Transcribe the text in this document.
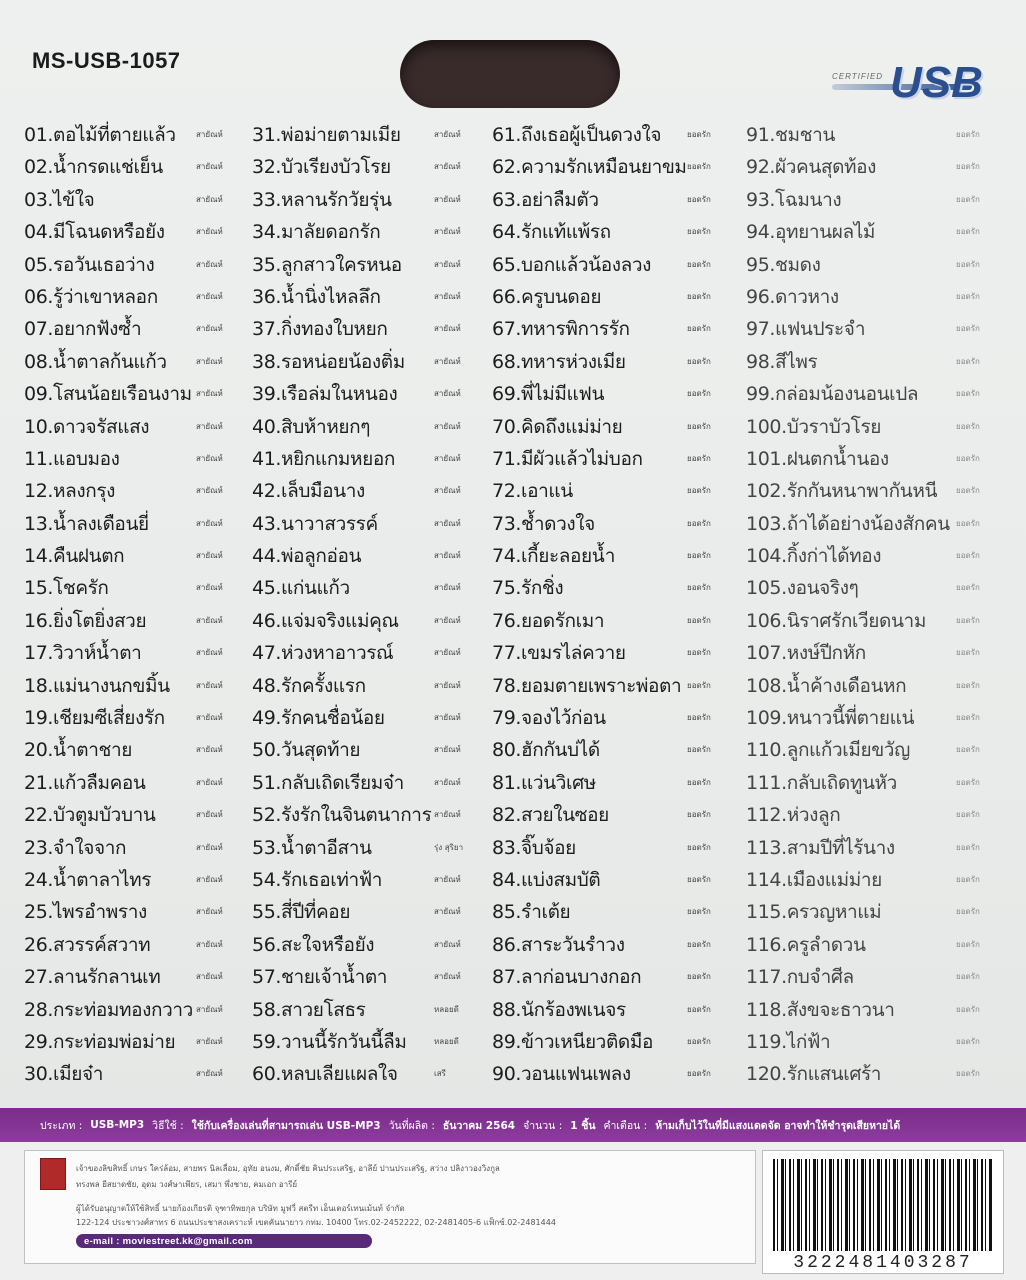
MS-USB-1057
CERTIFIED USB
01.ตอไม้ที่ตายแล้ว	สายัณห์
02.น้ำกรดแช่เย็น	สายัณห์
03.ไข้ใจ	สายัณห์
04.มีโฉนดหรือยัง	สายัณห์
05.รอวันเธอว่าง	สายัณห์
06.รู้ว่าเขาหลอก	สายัณห์
07.อยากฟังซ้ำ	สายัณห์
08.น้ำตาลก้นแก้ว	สายัณห์
09.โสนน้อยเรือนงาม สายัณห์
10.ดาวจรัสแสง	สายัณห์
11.แอบมอง	สายัณห์
12.หลงกรุง	สายัณห์
13.น้ำลงเดือนยี่	สายัณห์
14.คืนฝนตก	สายัณห์
15.โชครัก	สายัณห์
16.ยิ่งโตยิ่งสวย	สายัณห์
17.วิวาห์น้ำตา	สายัณห์
18.แม่นางนกขมิ้น	สายัณห์
19.เชียมซีเสี่ยงรัก	สายัณห์
20.น้ำตาชาย	สายัณห์
21.แก้วลืมคอน	สายัณห์
22.บัวตูมบัวบาน	สายัณห์
23.จำใจจาก	สายัณห์
24.น้ำตาลาไทร	สายัณห์
25.ไพรอำพราง	สายัณห์
26.สวรรค์สวาท	สายัณห์
27.ลานรักลานเท	สายัณห์
28.กระท่อมทองกวาว สายัณห์
29.กระท่อมพ่อม่าย	สายัณห์
30.เมียจ๋า	สายัณห์
31.พ่อม่ายตามเมีย	สายัณห์
32.บัวเรียงบัวโรย	สายัณห์
33.หลานรักวัยรุ่น	สายัณห์
34.มาลัยดอกรัก	สายัณห์
35.ลูกสาวใครหนอ	สายัณห์
36.น้ำนิ่งไหลลึก	สายัณห์
37.กิ่งทองใบหยก	สายัณห์
38.รอหน่อยน้องติ่ม	สายัณห์
39.เรือล่มในหนอง	สายัณห์
40.สิบห้าหยกๆ	สายัณห์
41.หยิกแกมหยอก	สายัณห์
42.เล็บมือนาง	สายัณห์
43.นาวาสวรรค์	สายัณห์
44.พ่อลูกอ่อน	สายัณห์
45.แก่นแก้ว	สายัณห์
46.แจ่มจริงแม่คุณ	สายัณห์
47.ห่วงหาอาวรณ์	สายัณห์
48.รักครั้งแรก	สายัณห์
49.รักคนชื่อน้อย	สายัณห์
50.วันสุดท้าย	สายัณห์
51.กลับเถิดเรียมจ๋า	สายัณห์
52.รังรักในจินตนาการ สายัณห์
53.น้ำตาอีสาน	รุ่ง สุริยา
54.รักเธอเท่าฟ้า	สายัณห์
55.สี่ปีที่คอย	สายัณห์
56.สะใจหรือยัง	สายัณห์
57.ชายเจ้าน้ำตา	สายัณห์
58.สาวยโสธร	หลอยดี
59.วานนี้รักวันนี้ลืม	หลอยดี
60.หลบเลียแผลใจ	เสรี
61.ถึงเธอผู้เป็นดวงใจ	ยอดรัก
62.ความรักเหมือนยาขม ยอดรัก
63.อย่าลืมตัว	ยอดรัก
64.รักแท้แพ้รถ	ยอดรัก
65.บอกแล้วน้องลวง	ยอดรัก
66.ครูบนดอย	ยอดรัก
67.ทหารพิการรัก	ยอดรัก
68.ทหารห่วงเมีย	ยอดรัก
69.พี่ไม่มีแฟน	ยอดรัก
70.คิดถึงแม่ม่าย	ยอดรัก
71.มีผัวแล้วไม่บอก	ยอดรัก
72.เอาแน่	ยอดรัก
73.ช้ำดวงใจ	ยอดรัก
74.เกี้ยะลอยน้ำ	ยอดรัก
75.รักชิ่ง	ยอดรัก
76.ยอดรักเมา	ยอดรัก
77.เขมรไล่ควาย	ยอดรัก
78.ยอมตายเพราะพ่อตา ยอดรัก
79.จองไว้ก่อน	ยอดรัก
80.ฮักกันบ่ได้	ยอดรัก
81.แว่นวิเศษ	ยอดรัก
82.สวยในซอย	ยอดรัก
83.จิ๊บจ้อย	ยอดรัก
84.แบ่งสมบัติ	ยอดรัก
85.รำเต้ย	ยอดรัก
86.สาระวันรำวง	ยอดรัก
87.ลาก่อนบางกอก	ยอดรัก
88.นักร้องพเนจร	ยอดรัก
89.ข้าวเหนียวติดมือ	ยอดรัก
90.วอนแฟนเพลง	ยอดรัก
91.ชมชาน	ยอดรัก
92.ผัวคนสุดท้อง	ยอดรัก
93.โฉมนาง	ยอดรัก
94.อุทยานผลไม้	ยอดรัก
95.ชมดง	ยอดรัก
96.ดาวหาง	ยอดรัก
97.แฟนประจำ	ยอดรัก
98.สีไพร	ยอดรัก
99.กล่อมน้องนอนเปล	ยอดรัก
100.บัวราบัวโรย	ยอดรัก
101.ฝนตกน้ำนอง	ยอดรัก
102.รักกันหนาพากันหนี ยอดรัก
103.ถ้าได้อย่างน้องสักคน ยอดรัก
104.กิ้งก่าได้ทอง	ยอดรัก
105.งอนจริงๆ	ยอดรัก
106.นิราศรักเวียดนาม	ยอดรัก
107.หงษ์ปีกหัก	ยอดรัก
108.น้ำค้างเดือนหก	ยอดรัก
109.หนาวนี้พี่ตายแน่	ยอดรัก
110.ลูกแก้วเมียขวัญ	ยอดรัก
111.กลับเถิดทูนหัว	ยอดรัก
112.ห่วงลูก	ยอดรัก
113.สามปีที่ไร้นาง	ยอดรัก
114.เมืองแม่ม่าย	ยอดรัก
115.ครวญหาแม่	ยอดรัก
116.ครูลำดวน	ยอดรัก
117.กบจำศีล	ยอดรัก
118.สังขจะธาวนา	ยอดรัก
119.ไก่ฟ้า	ยอดรัก
120.รักแสนเศร้า	ยอดรัก
ประเภท : USB-MP3 วิธีใช้ : ใช้กับเครื่องเล่นที่สามารถเล่น USB-MP3 วันที่ผลิต : ธันวาคม 2564 จำนวน : 1 ชิ้น คำเตือน : ห้ามเก็บไว้ในที่มีแสงแดดจัด อาจทำให้ชำรุดเสียหายได้
เจ้าของลิขสิทธิ์ เกษร ใคร่ล้อม, สายพร นิลเลื่อม, อุทัย อนงม, ศักดิ์ชัย คินประเสริฐ, อาลีย์ ปานประเสริฐ, สว่าง ปลิงาวองวิงกูล
ทรงพล ยีสยาดชัย, อุดม วงศ์ษาเพียร, เสมา พึ่งชาย, คมเอก อารีย์
ผู้ได้รับอนุญาตให้ใช้สิทธิ์ นายก้องเกียรติ จุฑาทิพยกุล บริษัท มูฟวี่ สตรีท เอ็นเตอร์เทนเม้นท์ จำกัด
122-124 ประชาวงศ์สาทร 6 ถนนประชาสงเคราะห์ เขตคันนายาว กทม. 10400 โทร.02-2452222, 02-2481405-6 แฟ็กซ์.02-2481444
e-mail : moviestreet.kk@gmail.com
3222481403287
